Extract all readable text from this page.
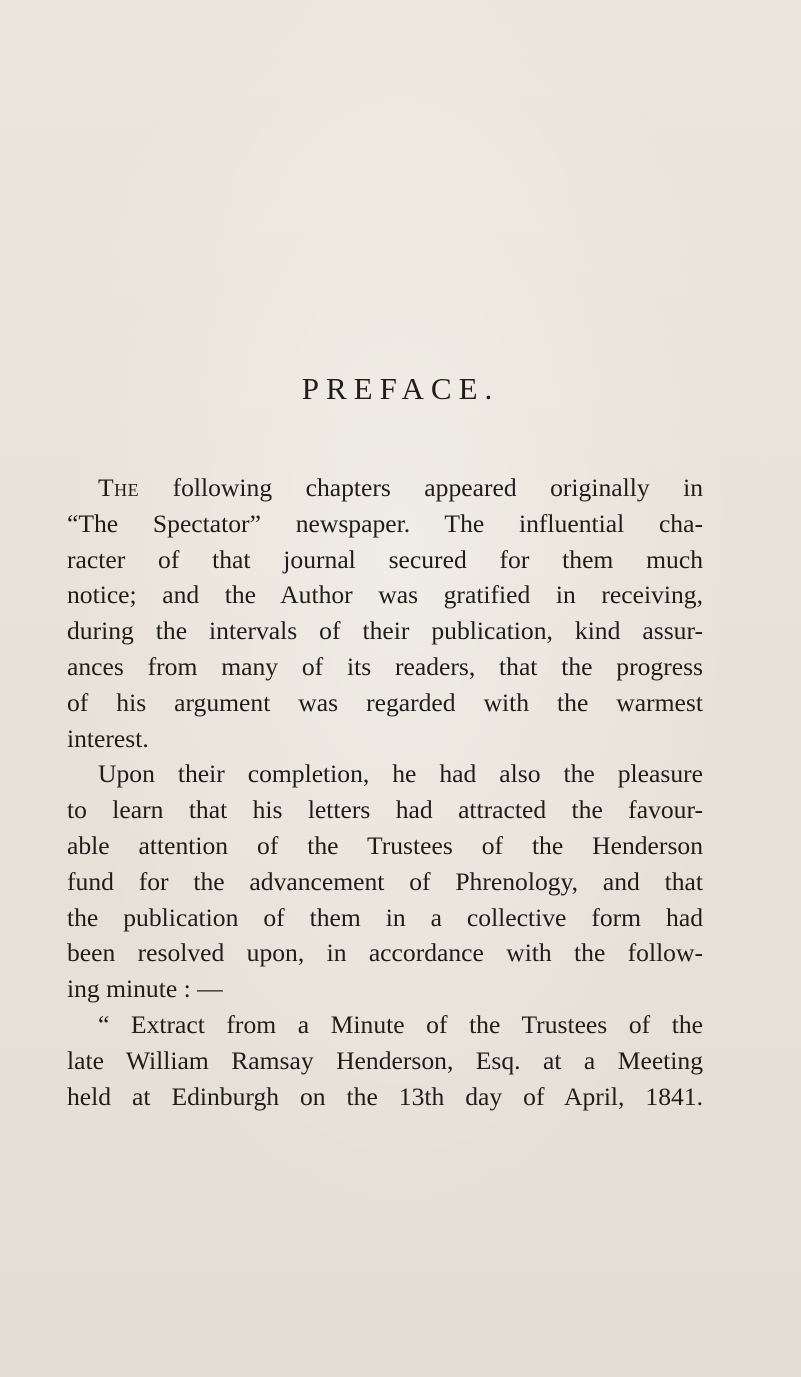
PREFACE.
The following chapters appeared originally in
“The Spectator” newspaper. The influential cha-
racter of that journal secured for them much
notice; and the Author was gratified in receiving,
during the intervals of their publication, kind assur-
ances from many of its readers, that the progress
of his argument was regarded with the warmest
interest.
Upon their completion, he had also the pleasure
to learn that his letters had attracted the favour-
able attention of the Trustees of the Henderson
fund for the advancement of Phrenology, and that
the publication of them in a collective form had
been resolved upon, in accordance with the follow-
ing minute : —
“ Extract from a Minute of the Trustees of the
late William Ramsay Henderson, Esq. at a Meeting
held at Edinburgh on the 13th day of April, 1841.
